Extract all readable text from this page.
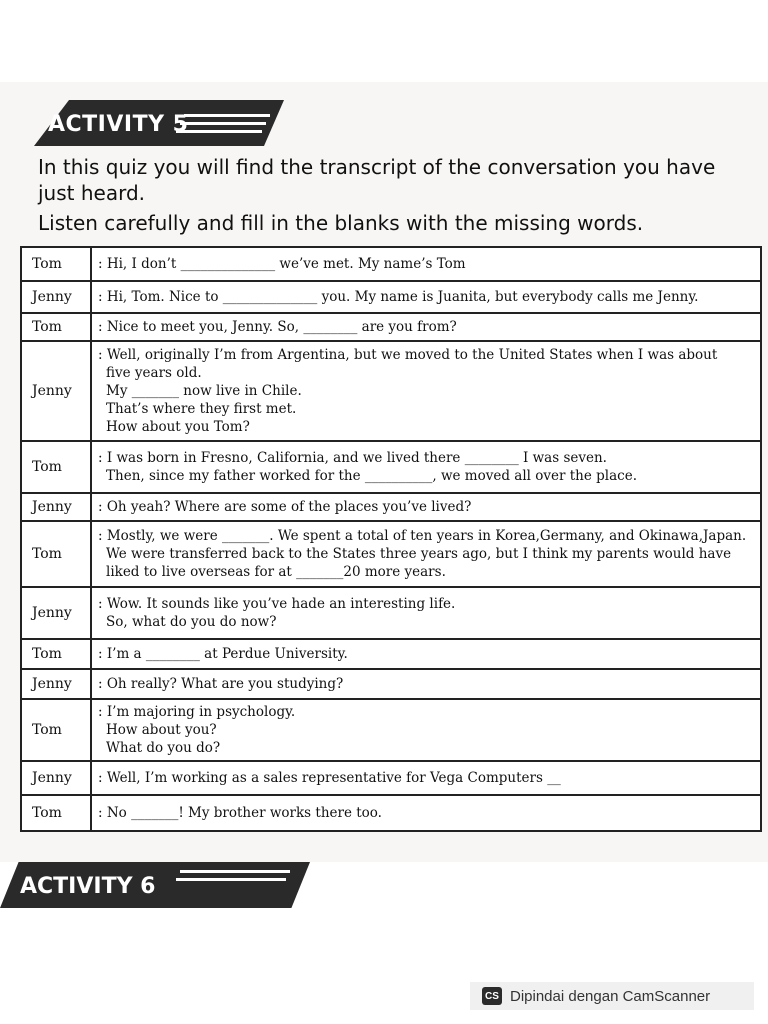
ACTIVITY 5
In this quiz you will find the transcript of the conversation you have just heard.
Listen carefully and fill in the blanks with the missing words.
Tom	: Hi, I don’t ______________ we’ve met. My name’s Tom

Jenny	: Hi, Tom. Nice to ______________ you. My name is Juanita, but everybody calls me Jenny.

Tom	: Nice to meet you, Jenny. So, ________ are you from?

Jenny	: Well, originally I’m from Argentina, but we moved to the United States when I was about
five years old.
My _______ now live in Chile.
That’s where they first met.
How about you Tom?

Tom	: I was born in Fresno, California, and we lived there ________ I was seven.
Then, since my father worked for the __________, we moved all over the place.

Jenny	: Oh yeah? Where are some of the places you’ve lived?

Tom	: Mostly, we were _______. We spent a total of ten years in Korea,Germany, and Okinawa,Japan.
We were transferred back to the States three years ago, but I think my parents would have
liked to live overseas for at _______20 more years.

Jenny	: Wow. It sounds like you’ve hade an interesting life.
So, what do you do now?

Tom	: I’m a ________ at Perdue University.

Jenny	: Oh really? What are you studying?

Tom	: I’m majoring in psychology.
How about you?
What do you do?

Jenny	: Well, I’m working as a sales representative for Vega Computers __

Tom	: No _______! My brother works there too.
ACTIVITY 6
CS Dipindai dengan CamScanner
